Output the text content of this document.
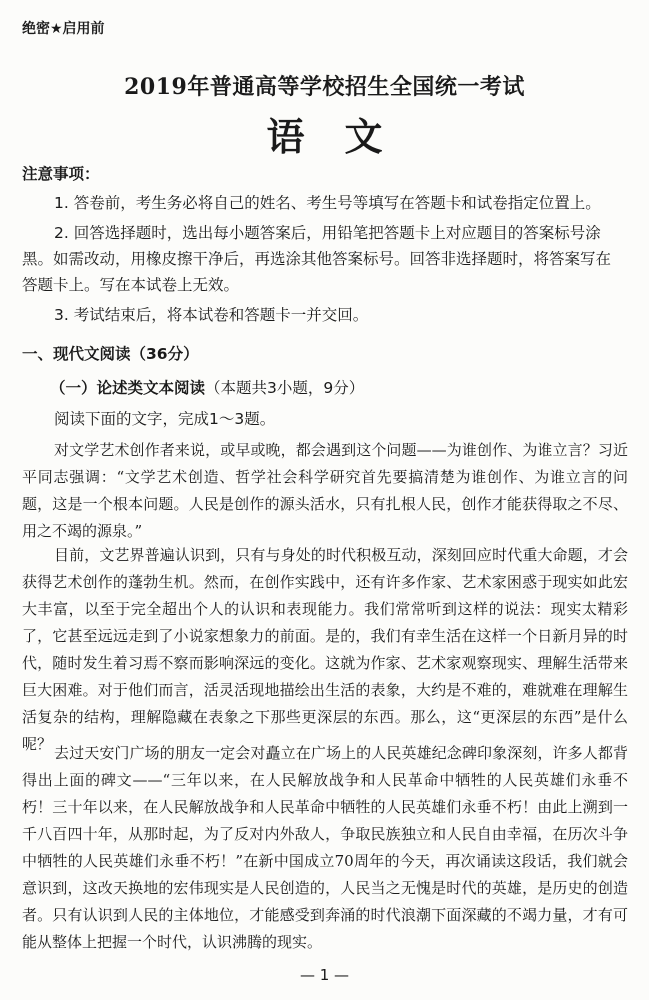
绝密★启用前
2019年普通高等学校招生全国统一考试
语文
注意事项：

1. 答卷前，考生务必将自己的姓名、考生号等填写在答题卡和试卷指定位置上。

2. 回答选择题时，选出每小题答案后，用铅笔把答题卡上对应题目的答案标号涂黑。如需改动，用橡皮擦干净后，再选涂其他答案标号。回答非选择题时，将答案写在答题卡上。写在本试卷上无效。

3. 考试结束后，将本试卷和答题卡一并交回。

一、现代文阅读（36分）
（一）论述类文本阅读（本题共3小题，9分）
阅读下面的文字，完成1～3题。

对文学艺术创作者来说，或早或晚，都会遇到这个问题——为谁创作、为谁立言？习近平同志强调：“文学艺术创造、哲学社会科学研究首先要搞清楚为谁创作、为谁立言的问题，这是一个根本问题。人民是创作的源头活水，只有扎根人民，创作才能获得取之不尽、用之不竭的源泉。”

目前，文艺界普遍认识到，只有与身处的时代积极互动，深刻回应时代重大命题，才会获得艺术创作的蓬勃生机。然而，在创作实践中，还有许多作家、艺术家困惑于现实如此宏大丰富，以至于完全超出个人的认识和表现能力。我们常常听到这样的说法：现实太精彩了，它甚至远远走到了小说家想象力的前面。是的，我们有幸生活在这样一个日新月异的时代，随时发生着习焉不察而影响深远的变化。这就为作家、艺术家观察现实、理解生活带来巨大困难。对于他们而言，活灵活现地描绘出生活的表象，大约是不难的，难就难在理解生活复杂的结构，理解隐藏在表象之下那些更深层的东西。那么，这“更深层的东西”是什么呢？ 去过天安门广场的朋友一定会对矗立在广场上的人民英雄纪念碑印象深刻，许多人都背得出上面的碑文——“三年以来，在人民解放战争和人民革命中牺牲的人民英雄们永垂不朽！三十年以来，在人民解放战争和人民革命中牺牲的人民英雄们永垂不朽！由此上溯到一千八百四十年，从那时起，为了反对内外敌人，争取民族独立和人民自由幸福，在历次斗争中牺牲的人民英雄们永垂不朽！”在新中国成立70周年的今天，再次诵读这段话，我们就会意识到，这改天换地的宏伟现实是人民创造的，人民当之无愧是时代的英雄，是历史的创造者。只有认识到人民的主体地位，才能感受到奔涌的时代浪潮下面深藏的不竭力量，才有可能从整体上把握一个时代，认识沸腾的现实。

— 1 —
